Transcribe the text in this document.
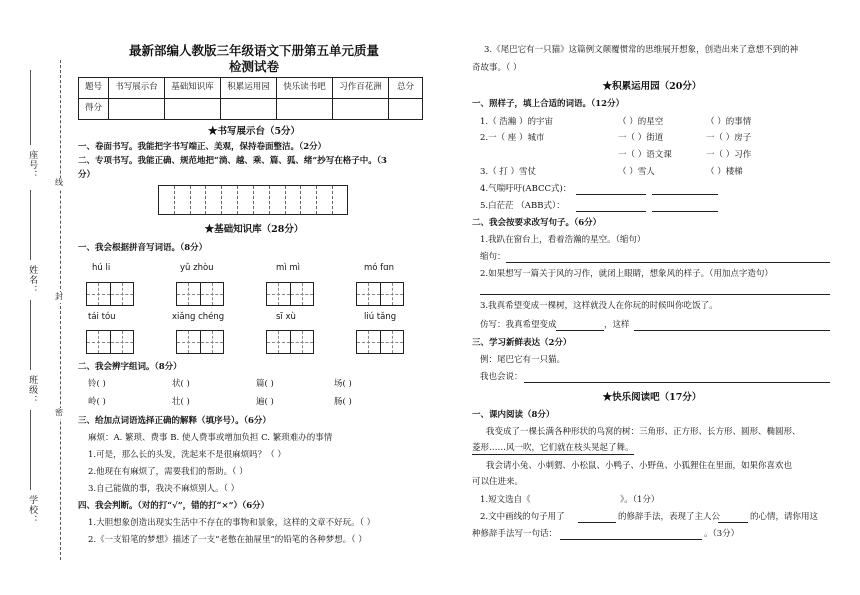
座号：
姓名：
班级：
学校：
线
封
密
最新部编人教版三年级语文下册第五单元质量
检测试卷
题号	书写展示台	基础知识库	积累运用园	快乐读书吧	习作百花洲	总分
得分						
★书写展示台（5分）
一、卷面书写。我能把字书写端正、美观，保持卷面整洁。（2分）
二、专项书写。我能正确、规范地把“淌、越、乘、篇、狐、绪”抄写在格子中。（3
分）
★基础知识库（28分）
一、我会根据拼音写词语。（8分）
hú li	yǔ zhòu	mì mì	mó fɑn
tái tóu	xiǎng chéng	sī xù	liú tǎng
二、我会辨字组词。（8分）
铃( )	状( )	篇( )	场( )
岭( )	壮( )	遍( )	肠( )
三、给加点词语选择正确的解释（填序号）。（6分）
麻烦：A. 繁琐、费事 B. 使人费事或增加负担 C. 繁琐难办的事情
1.可是，那么长的头发，洗起来不是很麻烦吗？（ ）
2.他现在有麻烦了，需要我们的帮助。（ ）
3.自己能做的事，我决不麻烦别人。（ ）
四、我会判断。（对的打“√”，错的打“×”）（6分）
1.大胆想象创造出现实生活中不存在的事物和景象，这样的文章不好玩。（ ）
2.《一支铅笔的梦想》描述了一支“老憋在抽屉里”的铅笔的各种梦想。（ ）
3.《尾巴它有一只猫》这篇例文颠覆惯常的思维展开想象，创造出来了意想不到的神
奇故事。（ ）
★积累运用园（20分）
一、照样子，填上合适的词语。（12分）
1.（ 浩瀚 ）的宇宙	（ ）的星空	（ ）的事情
2.一（ 座 ）城市	一（ ）街道	一（ ）房子
一（ ）语文课	一（ ）习作
3.（ 打 ）雪仗	（ ）雪人	（ ）楼梯
4.气喘吁吁(ABCC式)：
5.白茫茫 （ABB式）：
二、我会按要求改写句子。（6分）
1.我趴在窗台上，看着浩瀚的星空。（缩句）
缩句：
2.如果想写一篇关于风的习作，就闭上眼睛，想象风的样子。（用加点字造句）
3.我真希望变成一棵树，这样就没人在你玩的时候叫你吃饭了。
仿写：我真希望变成	，这样
三、学习新鲜表达（2分）
例：尾巴它有一只猫。
我也会说：
★快乐阅读吧（17分）
一、课内阅读（8分）
我变成了一棵长满各种形状的鸟窝的树：三角形、正方形、长方形、圆形、椭圆形、
菱形……风一吹，它们就在枝头晃起了舞。
我会请小兔、小刺猬、小松鼠、小鸭子、小野鱼、小狐狸住在里面，如果你喜欢也
可以住进来。
1.短文选自《	》。（1分）
2.文中画线的句子用了	的修辞手法，表现了主人公	的心情，请你用这
种修辞手法写一句话：	。（3分）
